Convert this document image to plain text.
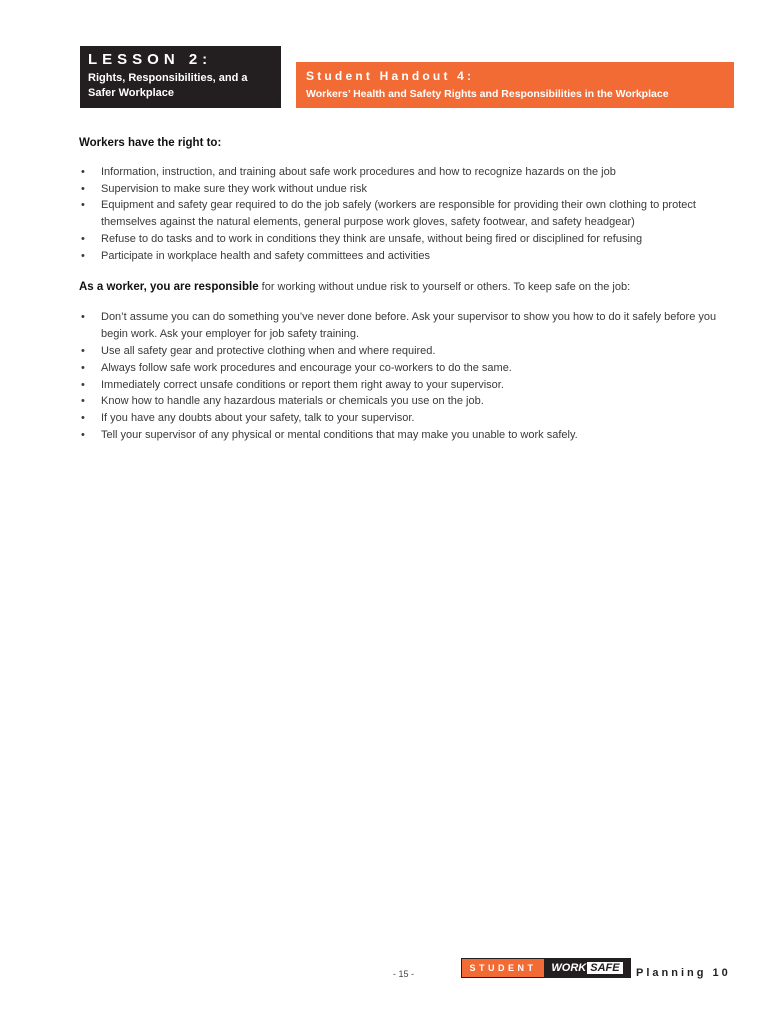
LESSON 2:
Rights, Responsibilities, and a Safer Workplace
Student Handout 4:
Workers’ Health and Safety Rights and Responsibilities in the Workplace
Workers have the right to:
• Information, instruction, and training about safe work procedures and how to recognize hazards on the job
• Supervision to make sure they work without undue risk
• Equipment and safety gear required to do the job safely (workers are responsible for providing their own clothing to protect themselves against the natural elements, general purpose work gloves, safety footwear, and safety headgear)
• Refuse to do tasks and to work in conditions they think are unsafe, without being fired or disciplined for refusing
• Participate in workplace health and safety committees and activities
As a worker, you are responsible for working without undue risk to yourself or others. To keep safe on the job:
• Don’t assume you can do something you’ve never done before. Ask your supervisor to show you how to do it safely before you begin work. Ask your employer for job safety training.
• Use all safety gear and protective clothing when and where required.
• Always follow safe work procedures and encourage your co-workers to do the same.
• Immediately correct unsafe conditions or report them right away to your supervisor.
• Know how to handle any hazardous materials or chemicals you use on the job.
• If you have any doubts about your safety, talk to your supervisor.
• Tell your supervisor of any physical or mental conditions that may make you unable to work safely.
- 15 -
STUDENT	WORK SAFE Planning 10
